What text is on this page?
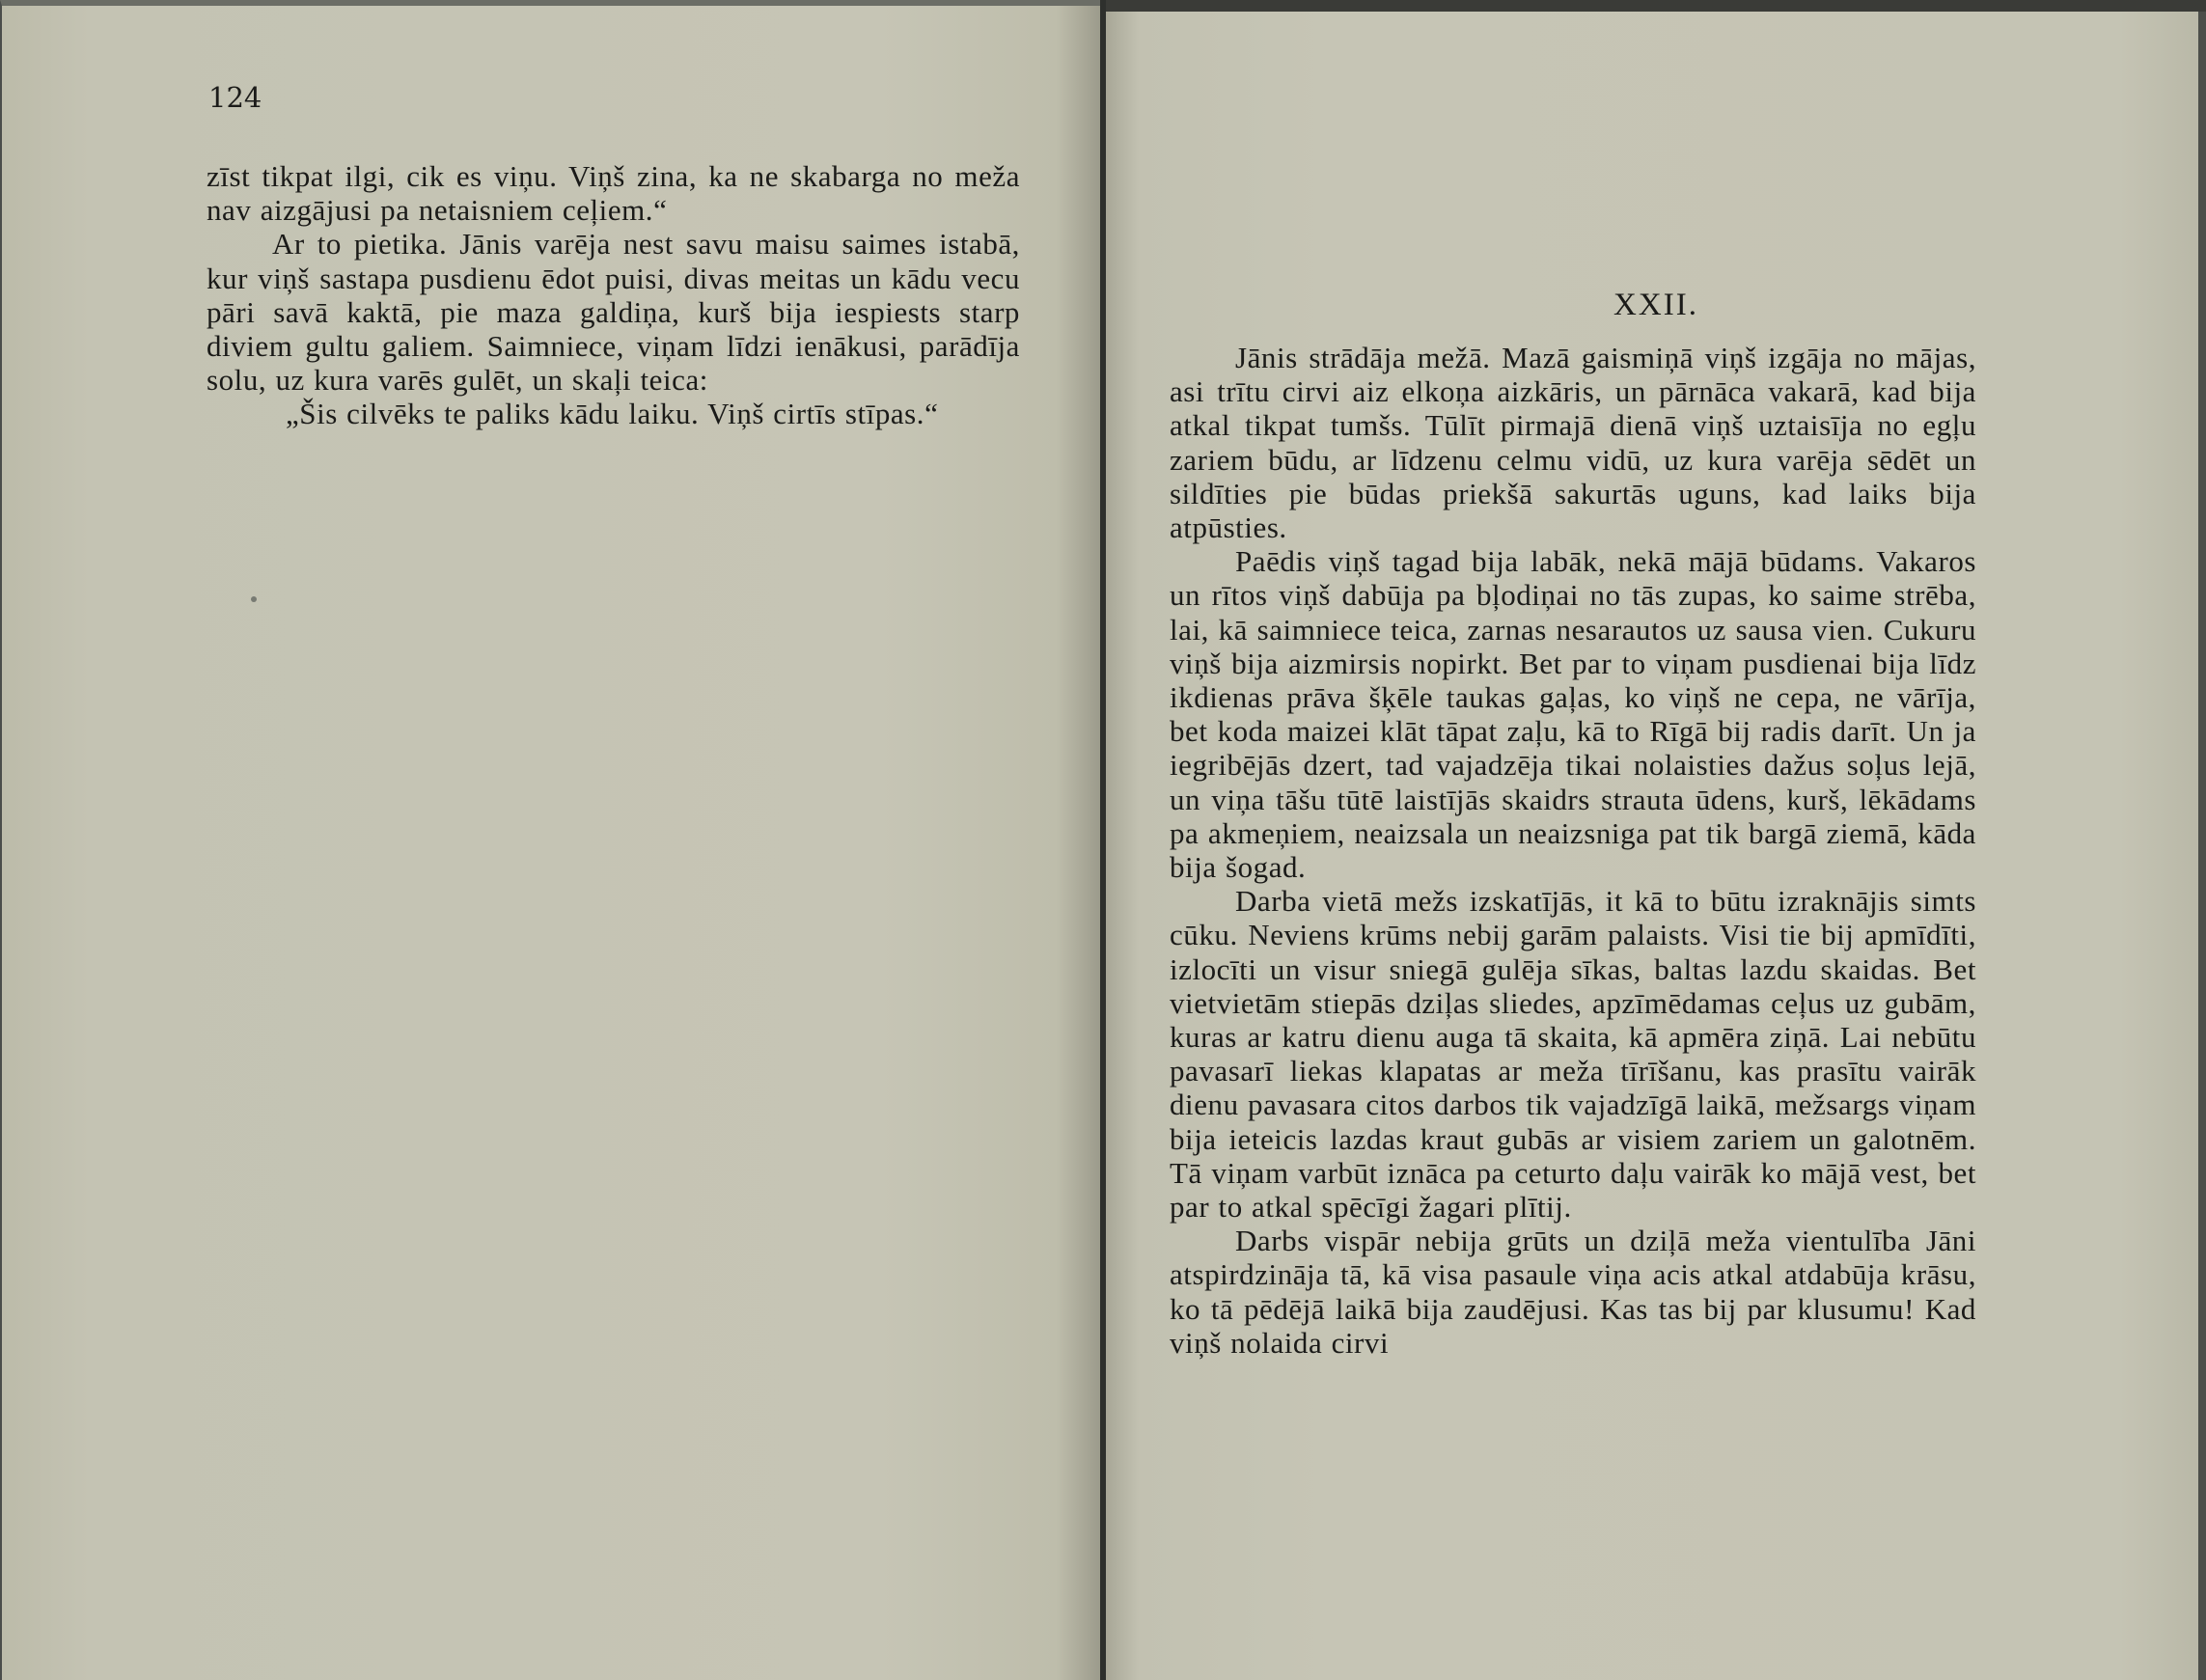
124

zīst tikpat ilgi, cik es viņu. Viņš zina, ka ne skabarga no meža nav aizgājusi pa netaisniem ceļiem.“

Ar to pietika. Jānis varēja nest savu maisu saimes istabā, kur viņš sastapa pusdienu ēdot puisi, divas meitas un kādu vecu pāri savā kaktā, pie maza galdiņa, kurš bija iespiests starp diviem gultu galiem. Saimniece, viņam līdzi ienākusi, parādīja solu, uz kura varēs gulēt, un skaļi teica:

„Šis cilvēks te paliks kādu laiku. Viņš cirtīs stīpas.“

XXII.

Jānis strādāja mežā. Mazā gaismiņā viņš izgāja no mājas, asi trītu cirvi aiz elkoņa aizkāris, un pārnāca vakarā, kad bija atkal tikpat tumšs. Tūlīt pirmajā dienā viņš uztaisīja no egļu zariem būdu, ar līdzenu celmu vidū, uz kura varēja sēdēt un sildīties pie būdas priekšā sakurtās uguns, kad laiks bija atpūsties.

Paēdis viņš tagad bija labāk, nekā mājā būdams. Vakaros un rītos viņš dabūja pa bļodiņai no tās zupas, ko saime strēba, lai, kā saimniece teica, zarnas nesarautos uz sausa vien. Cukuru viņš bija aizmirsis nopirkt. Bet par to viņam pusdienai bija līdz ikdienas prāva šķēle taukas gaļas, ko viņš ne cepa, ne vārīja, bet koda maizei klāt tāpat zaļu, kā to Rīgā bij radis darīt. Un ja iegribējās dzert, tad vajadzēja tikai nolaisties dažus soļus lejā, un viņa tāšu tūtē laistījās skaidrs strauta ūdens, kurš, lēkādams pa akmeņiem, neaizsala un neaizsniga pat tik bargā ziemā, kāda bija šogad.

Darba vietā mežs izskatījās, it kā to būtu izraknājis simts cūku. Neviens krūms nebij garām palaists. Visi tie bij apmīdīti, izlocīti un visur sniegā gulēja sīkas, baltas lazdu skaidas. Bet vietvietām stiepās dziļas sliedes, apzīmēdamas ceļus uz gubām, kuras ar katru dienu auga tā skaita, kā apmēra ziņā. Lai nebūtu pavasarī liekas klapatas ar meža tīrīšanu, kas prasītu vairāk dienu pavasara citos darbos tik vajadzīgā laikā, mežsargs viņam bija ieteicis lazdas kraut gubās ar visiem zariem un galotnēm. Tā viņam varbūt iznāca pa ceturto daļu vairāk ko mājā vest, bet par to atkal spēcīgi žagari plītij.

Darbs vispār nebija grūts un dziļā meža vientulība Jāni atspirdzināja tā, kā visa pasaule viņa acis atkal atdabūja krāsu, ko tā pēdējā laikā bija zaudējusi. Kas tas bij par klusumu! Kad viņš nolaida cirvi
